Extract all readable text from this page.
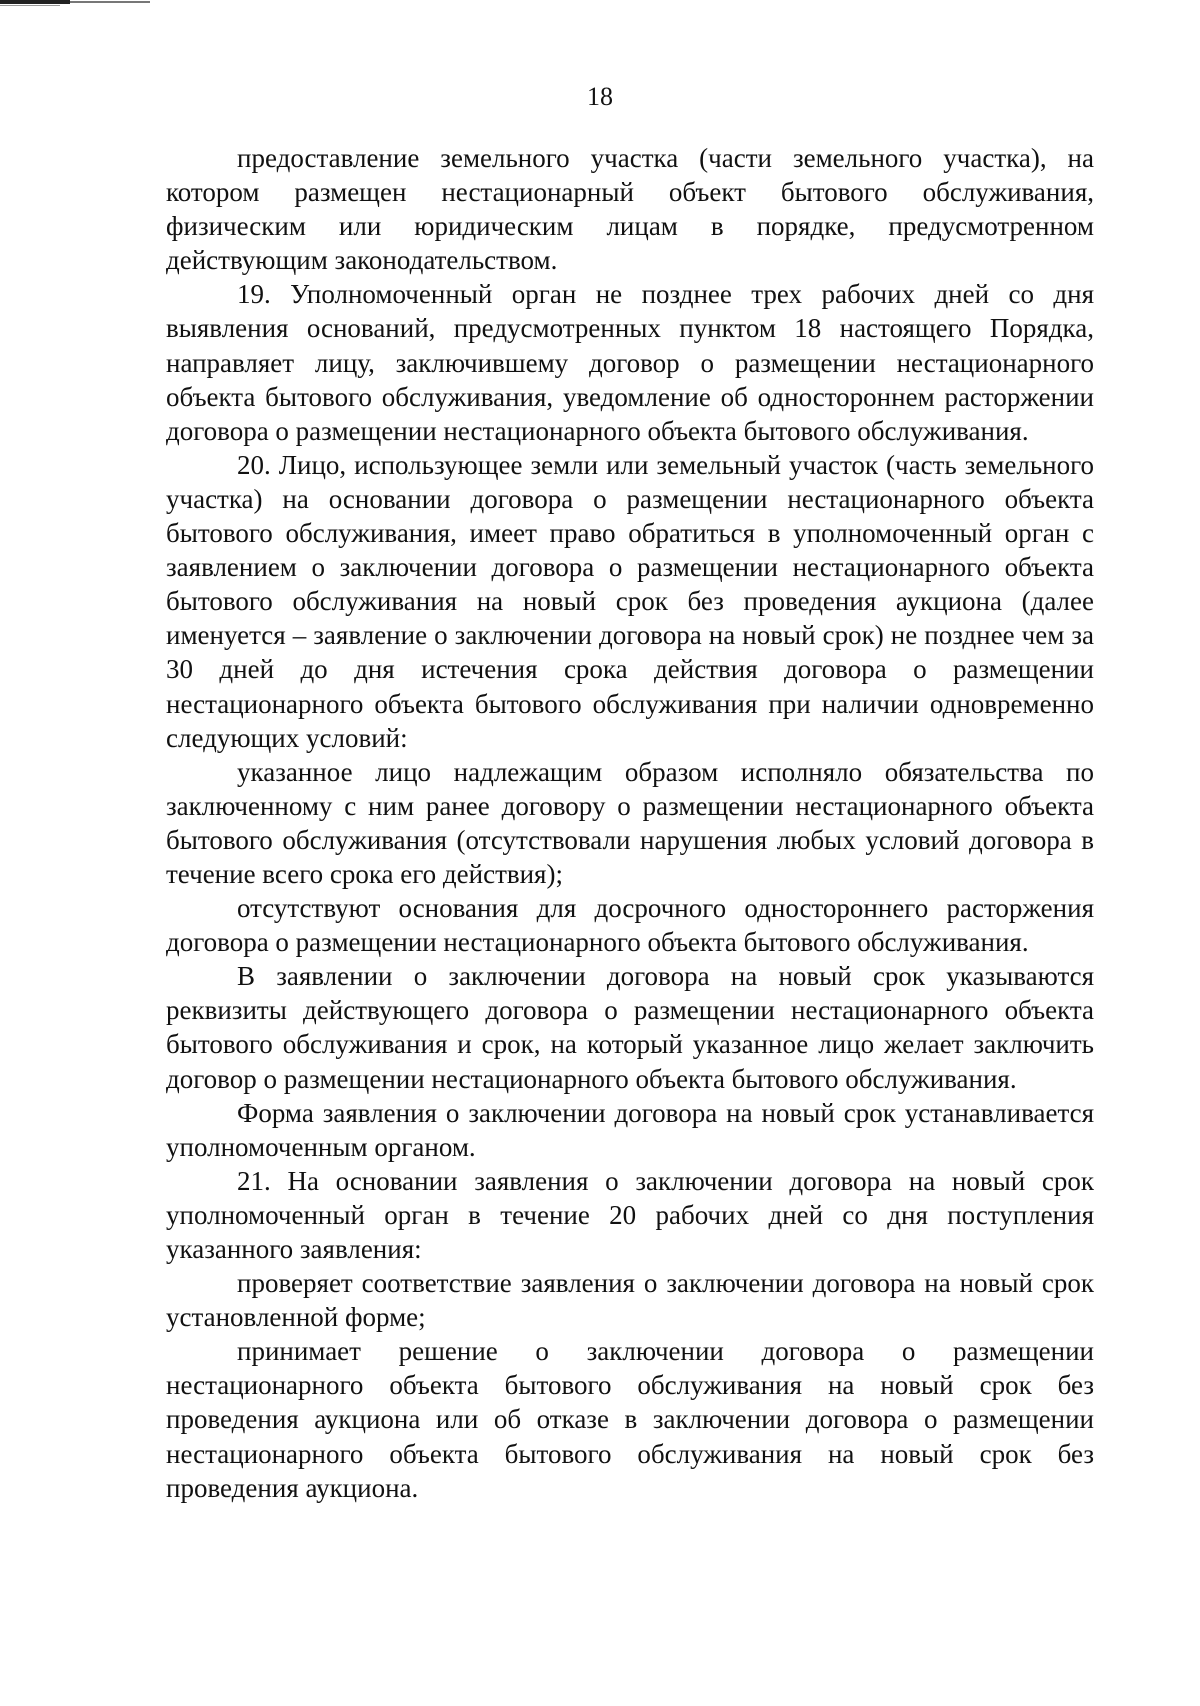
18

предоставление земельного участка (части земельного участка), на котором размещен нестационарный объект бытового обслуживания, физическим или юридическим лицам в порядке, предусмотренном действующим законодательством.

19. Уполномоченный орган не позднее трех рабочих дней со дня выявления оснований, предусмотренных пунктом 18 настоящего Порядка, направляет лицу, заключившему договор о размещении нестационарного объекта бытового обслуживания, уведомление об одностороннем расторжении договора о размещении нестационарного объекта бытового обслуживания.

20. Лицо, использующее земли или земельный участок (часть земельного участка) на основании договора о размещении нестационарного объекта бытового обслуживания, имеет право обратиться в уполномоченный орган с заявлением о заключении договора о размещении нестационарного объекта бытового обслуживания на новый срок без проведения аукциона (далее именуется – заявление о заключении договора на новый срок) не позднее чем за 30 дней до дня истечения срока действия договора о размещении нестационарного объекта бытового обслуживания при наличии одновременно следующих условий:

указанное лицо надлежащим образом исполняло обязательства по заключенному с ним ранее договору о размещении нестационарного объекта бытового обслуживания (отсутствовали нарушения любых условий договора в течение всего срока его действия);

отсутствуют основания для досрочного одностороннего расторжения договора о размещении нестационарного объекта бытового обслуживания.

В заявлении о заключении договора на новый срок указываются реквизиты действующего договора о размещении нестационарного объекта бытового обслуживания и срок, на который указанное лицо желает заключить договор о размещении нестационарного объекта бытового обслуживания.

Форма заявления о заключении договора на новый срок устанавливается уполномоченным органом.

21. На основании заявления о заключении договора на новый срок уполномоченный орган в течение 20 рабочих дней со дня поступления указанного заявления:

проверяет соответствие заявления о заключении договора на новый срок установленной форме;

принимает решение о заключении договора о размещении нестационарного объекта бытового обслуживания на новый срок без проведения аукциона или об отказе в заключении договора о размещении нестационарного объекта бытового обслуживания на новый срок без проведения аукциона.
